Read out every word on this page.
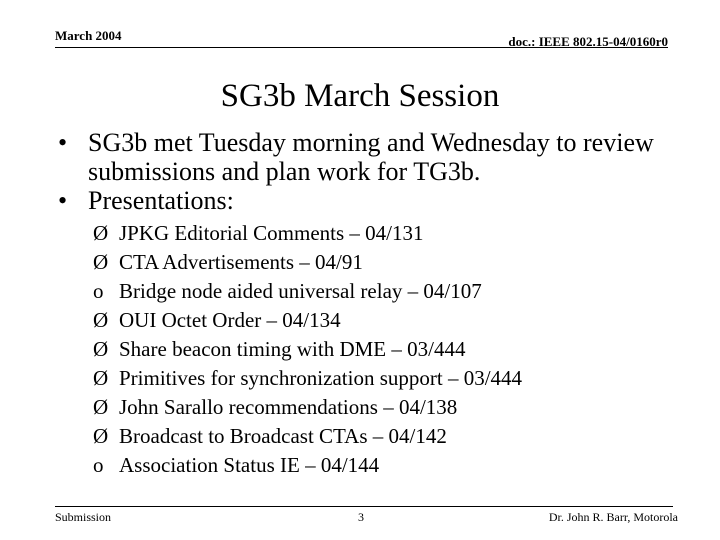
March 2004	doc.: IEEE 802.15-04/0160r0
SG3b March Session
• SG3b met Tuesday morning and Wednesday to review submissions and plan work for TG3b.
• Presentations:
Ø JPKG Editorial Comments – 04/131
Ø CTA Advertisements – 04/91
o Bridge node aided universal relay – 04/107
Ø OUI Octet Order – 04/134
Ø Share beacon timing with DME – 03/444
Ø Primitives for synchronization support – 03/444
Ø John Sarallo recommendations – 04/138
Ø Broadcast to Broadcast CTAs – 04/142
o Association Status IE – 04/144
Submission	3	Dr. John R. Barr, Motorola
